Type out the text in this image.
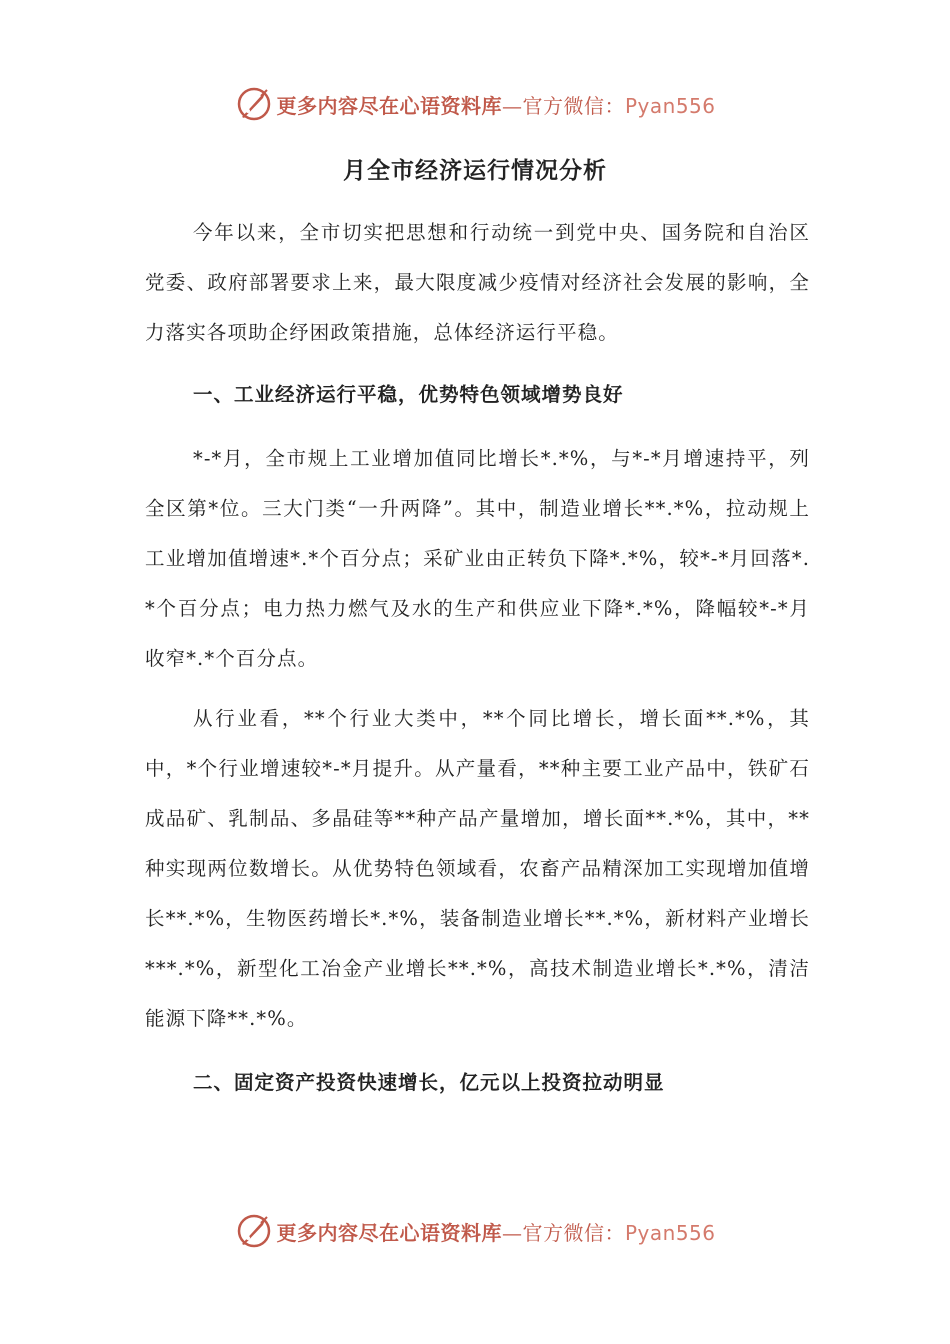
更多内容尽在心语资料库—官方微信：Pyan556
月全市经济运行情况分析
今年以来，全市切实把思想和行动统一到党中央、国务院和自治区党委、政府部署要求上来，最大限度减少疫情对经济社会发展的影响，全力落实各项助企纾困政策措施，总体经济运行平稳。
一、工业经济运行平稳，优势特色领域增势良好
*-*月，全市规上工业增加值同比增长*.*%，与*-*月增速持平，列全区第*位。三大门类“一升两降”。其中，制造业增长**.*%，拉动规上工业增加值增速*.*个百分点；采矿业由正转负下降*.*%，较*-*月回落*.*个百分点；电力热力燃气及水的生产和供应业下降*.*%，降幅较*-*月收窄*.*个百分点。
从行业看，**个行业大类中，**个同比增长，增长面**.*%，其中，*个行业增速较*-*月提升。从产量看，**种主要工业产品中，铁矿石成品矿、乳制品、多晶硅等**种产品产量增加，增长面**.*%，其中，**种实现两位数增长。从优势特色领域看，农畜产品精深加工实现增加值增长**.*%，生物医药增长*.*%，装备制造业增长**.*%，新材料产业增长***.*%，新型化工冶金产业增长**.*%，高技术制造业增长*.*%，清洁能源下降**.*%。
二、固定资产投资快速增长，亿元以上投资拉动明显
更多内容尽在心语资料库—官方微信：Pyan556
